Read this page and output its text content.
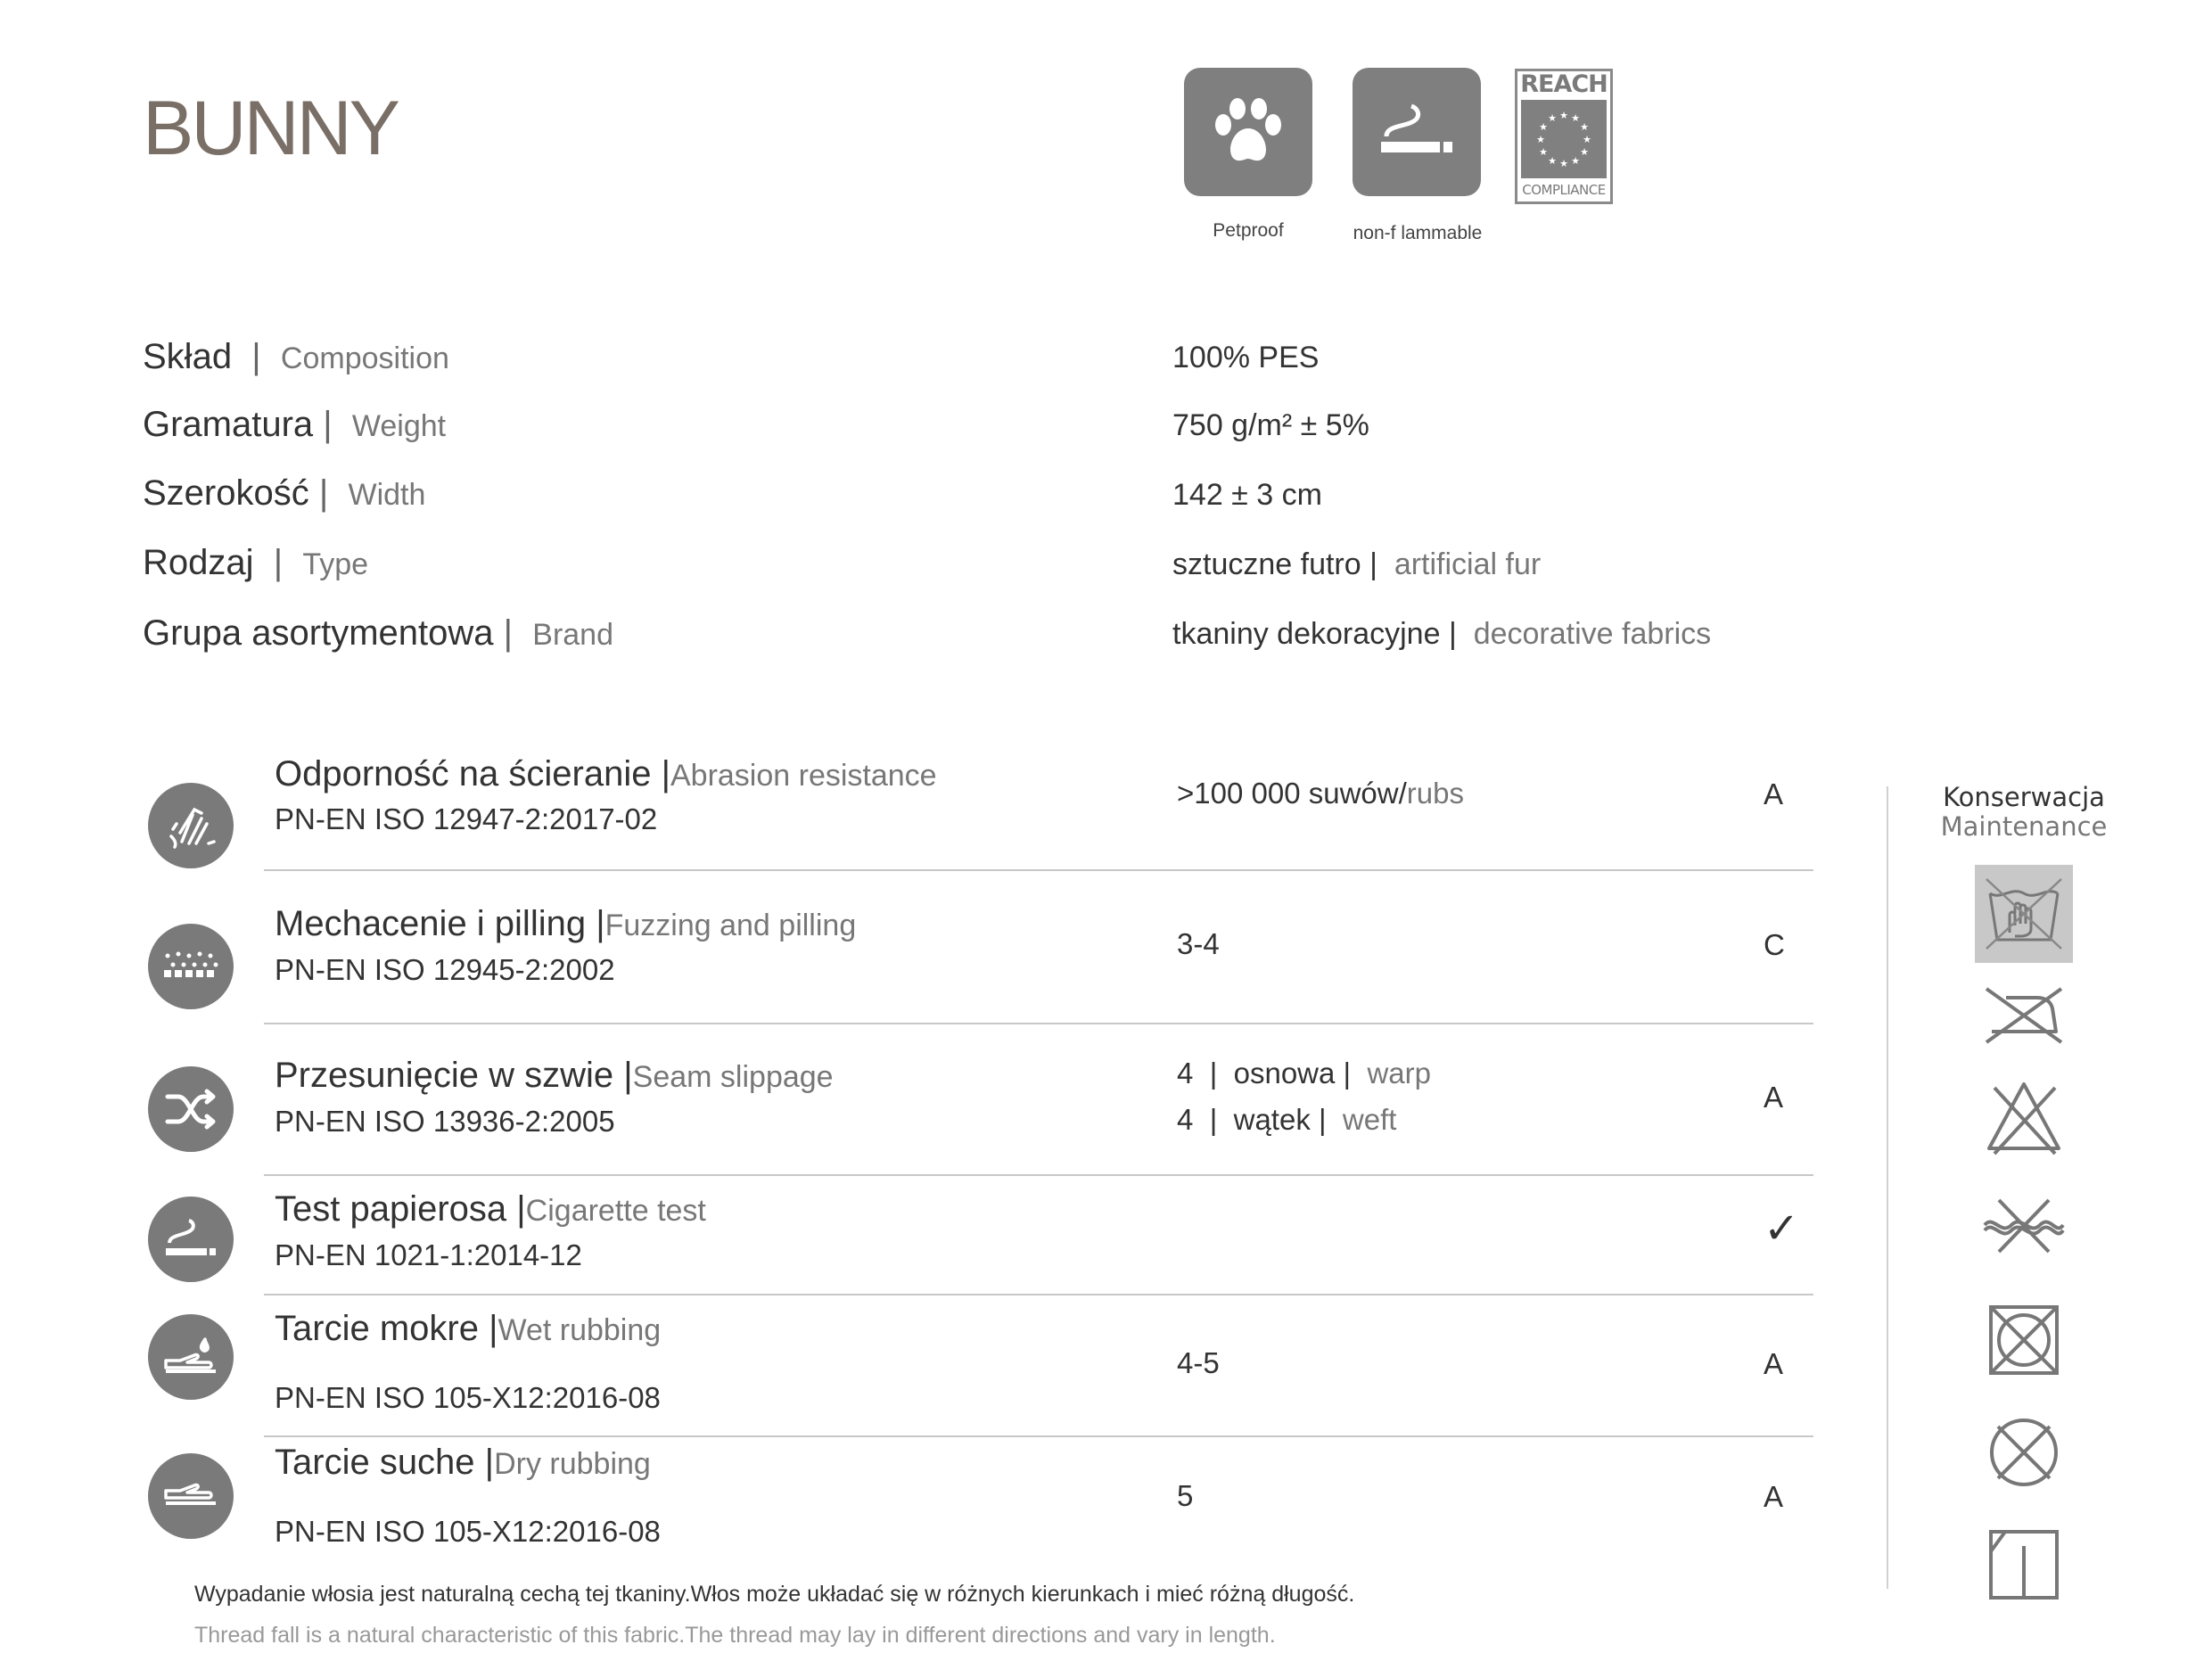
BUNNY
Petproof	non-f lammable
REACH
★ ★
★
★
★
★
★
★
★
★
★
★
COMPLIANCE
Skład  |  Composition	100% PES
Gramatura |  Weight	750 g/m² ± 5%
Szerokość |  Width	142 ± 3 cm
Rodzaj  |  Type	sztuczne futro |  artificial fur
Grupa asortymentowa |  Brand	tkaniny dekoracyjne |  decorative fabrics
Odporność na ścieranie |Abrasion resistance
PN-EN ISO 12947-2:2017-02
>100 000 suwów/rubs	A
Mechacenie i pilling |Fuzzing and pilling
PN-EN ISO 12945-2:2002
3-4	C
Przesunięcie w szwie |Seam slippage
PN-EN ISO 13936-2:2005
4  |  osnowa |  warp
4  |  wątek |  weft
A
Test papierosa |Cigarette test
PN-EN 1021-1:2014-12
✓
Tarcie mokre |Wet rubbing
PN-EN ISO 105-X12:2016-08
4-5	A
Tarcie suche |Dry rubbing
PN-EN ISO 105-X12:2016-08
5	A
Konserwacja
Maintenance
Wypadanie włosia jest naturalną cechą tej tkaniny.Włos może układać się w różnych kierunkach i mieć różną długość.
Thread fall is a natural characteristic of this fabric.The thread may lay in different directions and vary in length.
